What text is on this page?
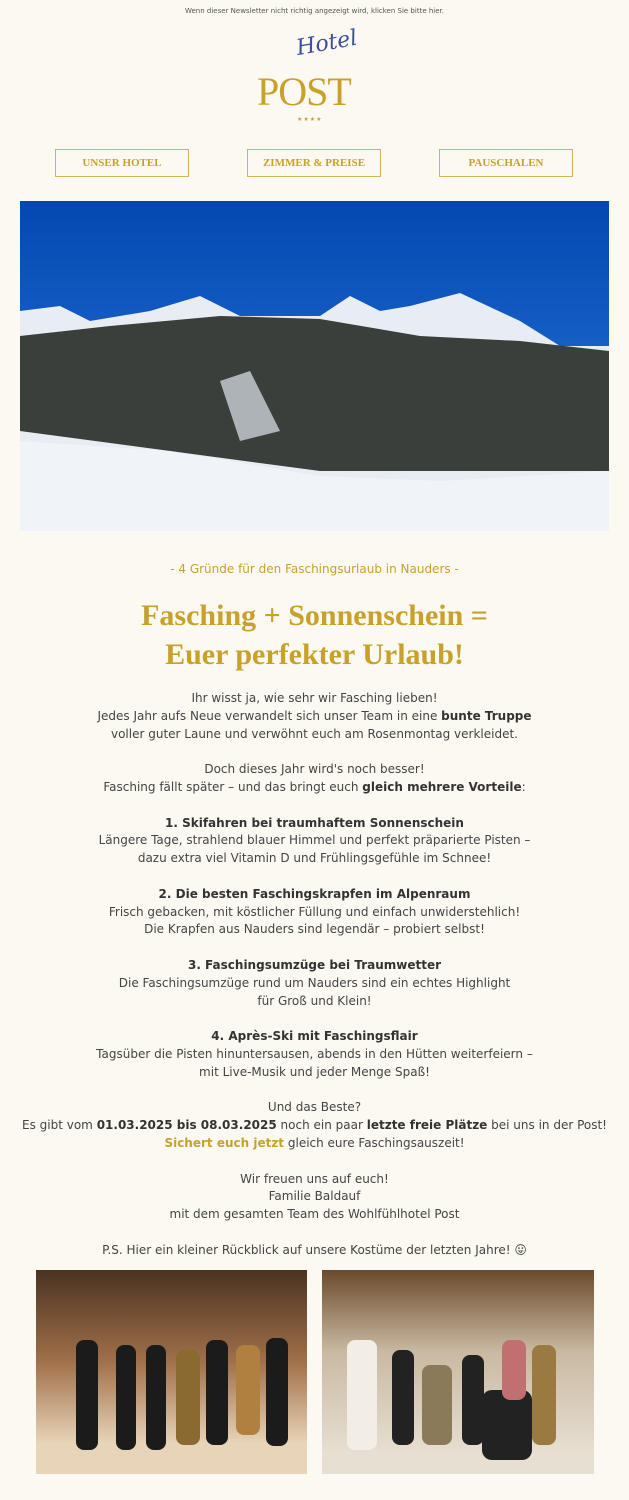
Wenn dieser Newsletter nicht richtig angezeigt wird, klicken Sie bitte hier.
Hotel
POST
★★★★
UNSER HOTEL	ZIMMER & PREISE	PAUSCHALEN
- 4 Gründe für den Faschingsurlaub in Nauders -
Fasching + Sonnenschein =
Euer perfekter Urlaub!
Ihr wisst ja, wie sehr wir Fasching lieben!
Jedes Jahr aufs Neue verwandelt sich unser Team in eine bunte Truppe
voller guter Laune und verwöhnt euch am Rosenmontag verkleidet.
Doch dieses Jahr wird's noch besser!
Fasching fällt später – und das bringt euch gleich mehrere Vorteile:
1. Skifahren bei traumhaftem Sonnenschein
Längere Tage, strahlend blauer Himmel und perfekt präparierte Pisten –
dazu extra viel Vitamin D und Frühlingsgefühle im Schnee!
2. Die besten Faschingskrapfen im Alpenraum
Frisch gebacken, mit köstlicher Füllung und einfach unwiderstehlich!
Die Krapfen aus Nauders sind legendär – probiert selbst!
3. Faschingsumzüge bei Traumwetter
Die Faschingsumzüge rund um Nauders sind ein echtes Highlight
für Groß und Klein!
4. Après-Ski mit Faschingsflair
Tagsüber die Pisten hinuntersausen, abends in den Hütten weiterfeiern –
mit Live-Musik und jeder Menge Spaß!
Und das Beste?
Es gibt vom 01.03.2025 bis 08.03.2025 noch ein paar letzte freie Plätze bei uns in der Post!
Sichert euch jetzt gleich eure Faschingsauszeit!
Wir freuen uns auf euch!
Familie Baldauf
mit dem gesamten Team des Wohlfühlhotel Post
P.S. Hier ein kleiner Rückblick auf unsere Kostüme der letzten Jahre! 😛
